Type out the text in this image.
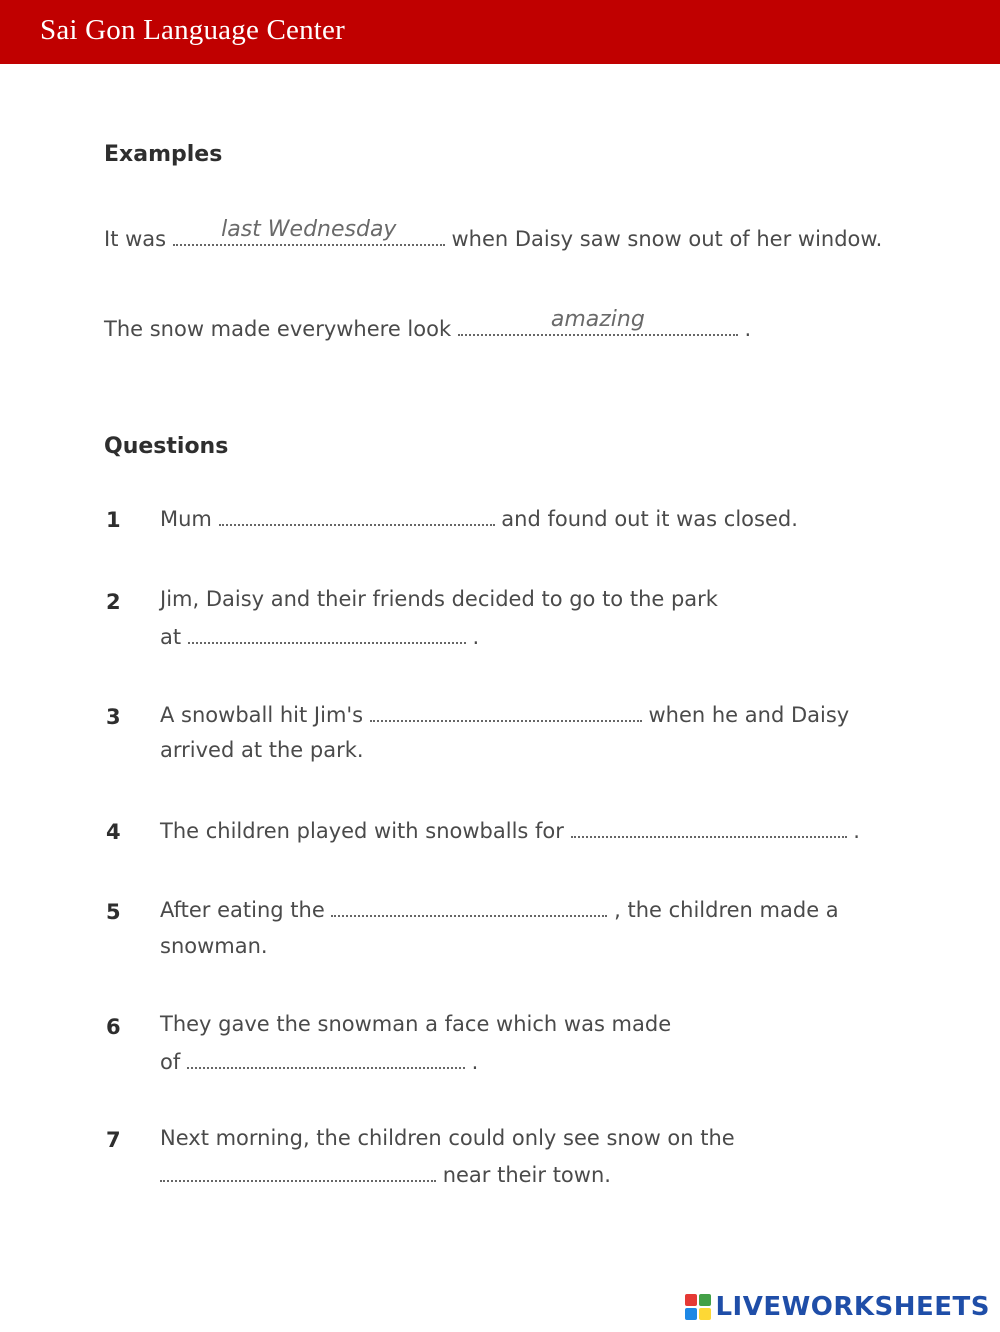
Sai Gon Language Center
Examples
It was	last Wednesday	when Daisy saw snow out of her window.
The snow made everywhere look	amazing	.
Questions
1 Mum	and found out it was closed.
2 Jim, Daisy and their friends decided to go to the park
at	.
3 A snowball hit Jim's	when he and Daisy
arrived at the park.
4 The children played with snowballs for	.
5 After eating the	, the children made a
snowman.
6 They gave the snowman a face which was made
of	.
7 Next morning, the children could only see snow on the
near their town.
LIVEWORKSHEETS
